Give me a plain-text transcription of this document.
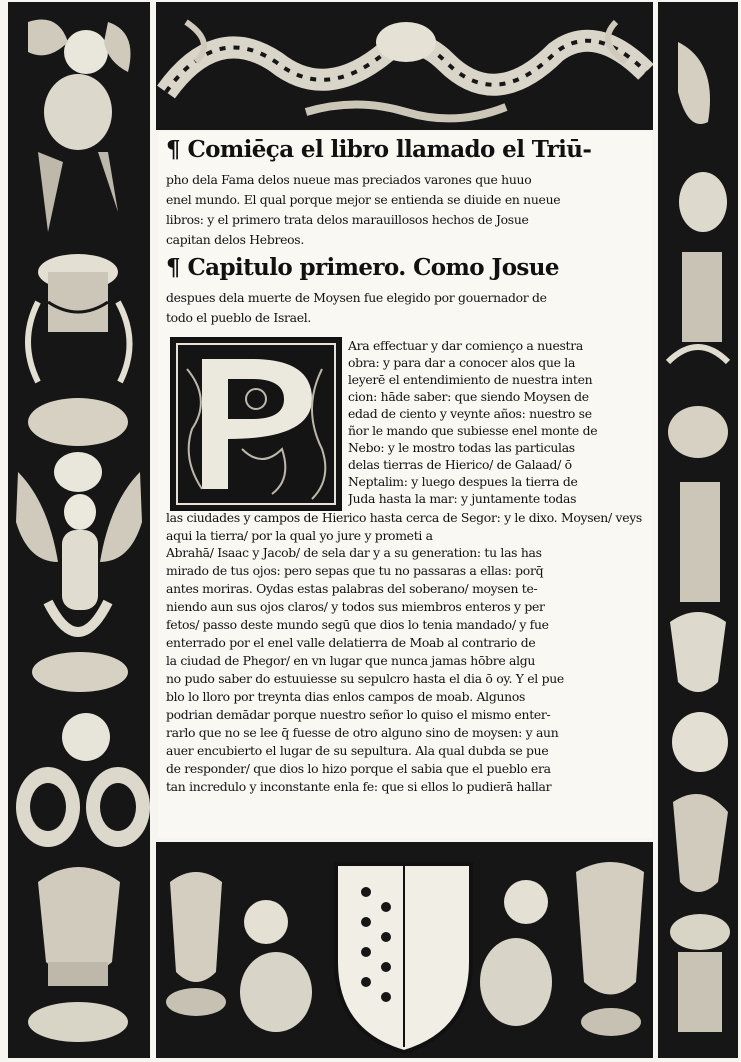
¶ Comiēça el libro llamado el Triū-
pho dela Fama delos nueue mas preciados varones que huuo
enel mundo. El qual porque mejor se entienda se diuide en nueue
libros: y el primero trata delos marauillosos hechos de Josue
capitan delos Hebreos.
¶ Capitulo primero. Como Josue
despues dela muerte de Moysen fue elegido por gouernador de
todo el pueblo de Israel.
Ara effectuar y dar comienço a nuestra
obra: y para dar a conocer alos que la
leyerē el entendimiento de nuestra inten
cion: hāde saber: que siendo Moysen de
edad de ciento y veynte años: nuestro se
ñor le mando que subiesse enel monte de
Nebo: y le mostro todas las particulas
delas tierras de Hierico/ de Galaad/ ō
Neptalim: y luego despues la tierra de
Juda hasta la mar: y juntamente todas
las ciudades y campos de Hierico hasta cerca de Segor: y le dixo. Moysen/ veys aqui la tierra/ por la qual yo jure y prometi a
Abrahā/ Isaac y Jacob/ de sela dar y a su generation: tu las has
mirado de tus ojos: pero sepas que tu no passaras a ellas: porq̄
antes moriras. Oydas estas palabras del soberano/ moysen te-
niendo aun sus ojos claros/ y todos sus miembros enteros y per
fetos/ passo deste mundo segū que dios lo tenia mandado/ y fue
enterrado por el enel valle delatierra de Moab al contrario de
la ciudad de Phegor/ en vn lugar que nunca jamas hōbre algu
no pudo saber do estuuiesse su sepulcro hasta el dia ō oy. Y el pue
blo lo lloro por treynta dias enlos campos de moab. Algunos
podrian demādar porque nuestro señor lo quiso el mismo enter-
rarlo que no se lee q̄ fuesse de otro alguno sino de moysen: y aun
auer encubierto el lugar de su sepultura. Ala qual dubda se pue
de responder/ que dios lo hizo porque el sabia que el pueblo era
tan incredulo y inconstante enla fe: que si ellos lo pudierā hallar
